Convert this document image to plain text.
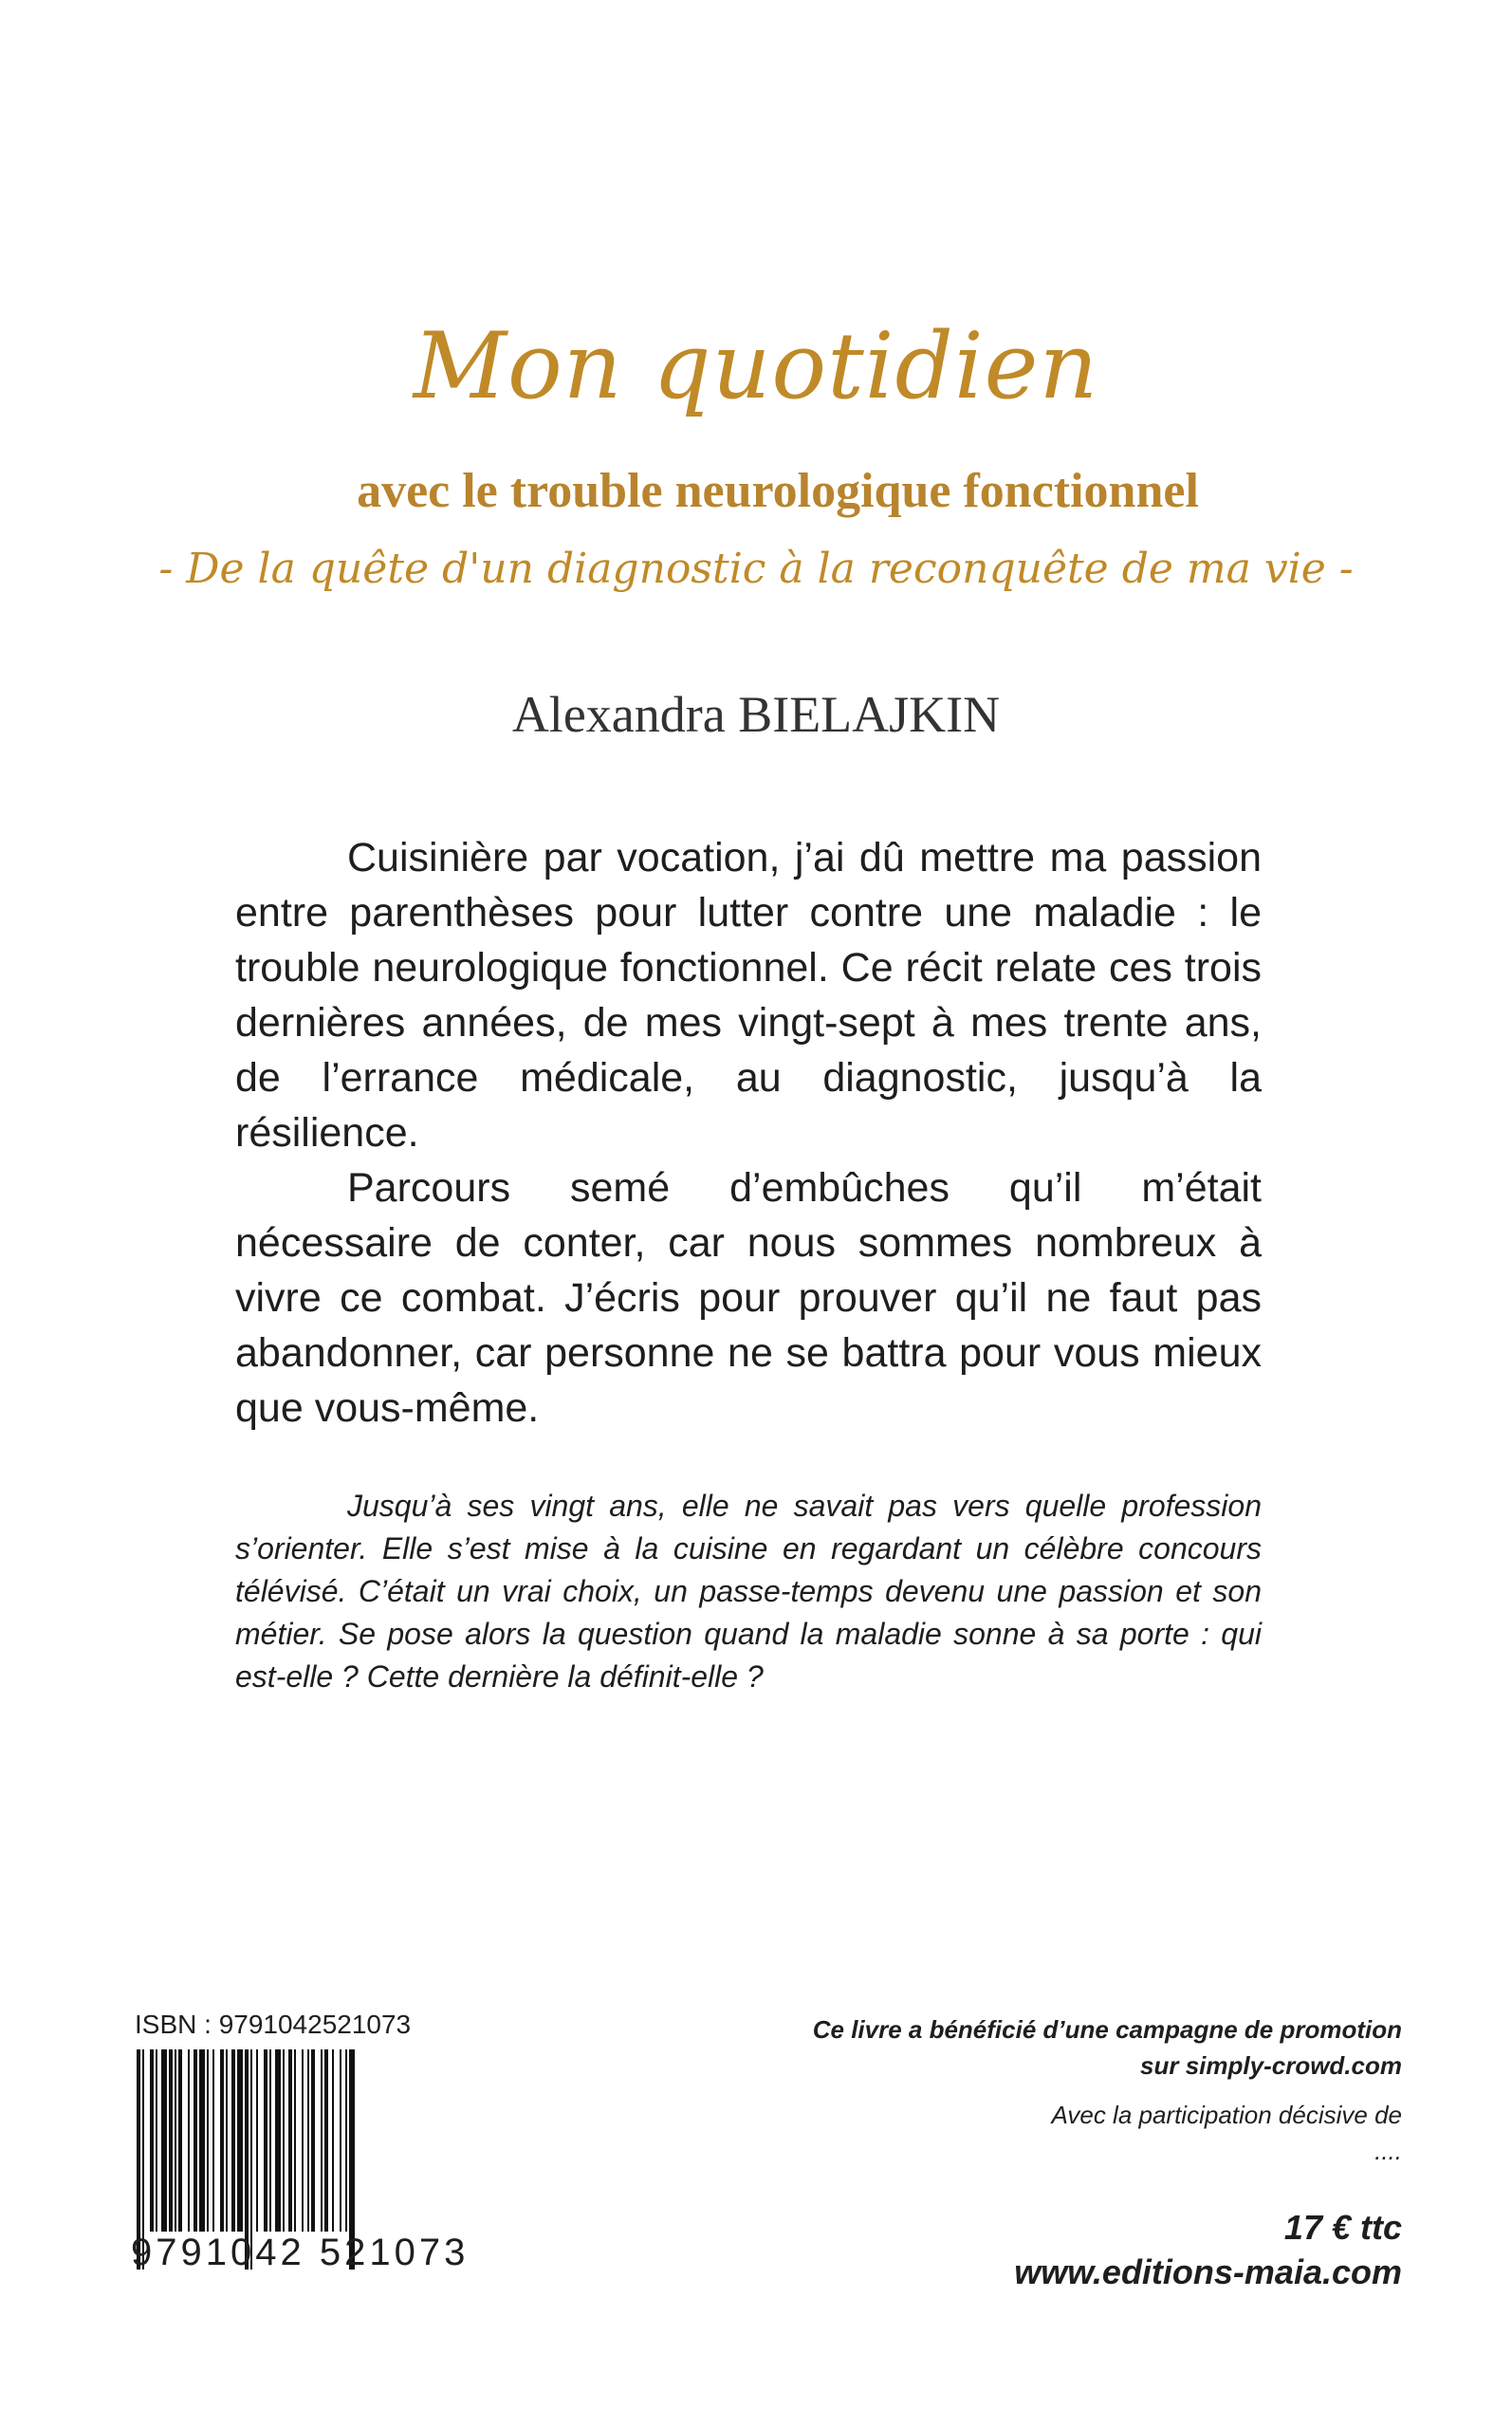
Mon quotidien
avec le trouble neurologique fonctionnel
- De la quête d'un diagnostic à la reconquête de ma vie -
Alexandra BIELAJKIN

Cuisinière par vocation, j’ai dû mettre ma passion entre parenthèses pour lutter contre une maladie : le trouble neurologique fonctionnel. Ce récit relate ces trois dernières années, de mes vingt-sept à mes trente ans, de l’errance médicale, au diagnostic, jusqu’à la résilience.

Parcours semé d’embûches qu’il m’était nécessaire de conter, car nous sommes nombreux à vivre ce combat. J’écris pour prouver qu’il ne faut pas abandonner, car personne ne se battra pour vous mieux que vous-même.

Jusqu’à ses vingt ans, elle ne savait pas vers quelle profession s’orienter. Elle s’est mise à la cuisine en regardant un célèbre concours télévisé. C’était un vrai choix, un passe-temps devenu une passion et son métier. Se pose alors la question quand la maladie sonne à sa porte : qui est-elle ? Cette dernière la définit-elle ?
ISBN : 9791042521073
9791042 521073
Ce livre a bénéficié d’une campagne de promotion
sur simply-crowd.com
Avec la participation décisive de
....
17 € ttc
www.editions-maia.com
